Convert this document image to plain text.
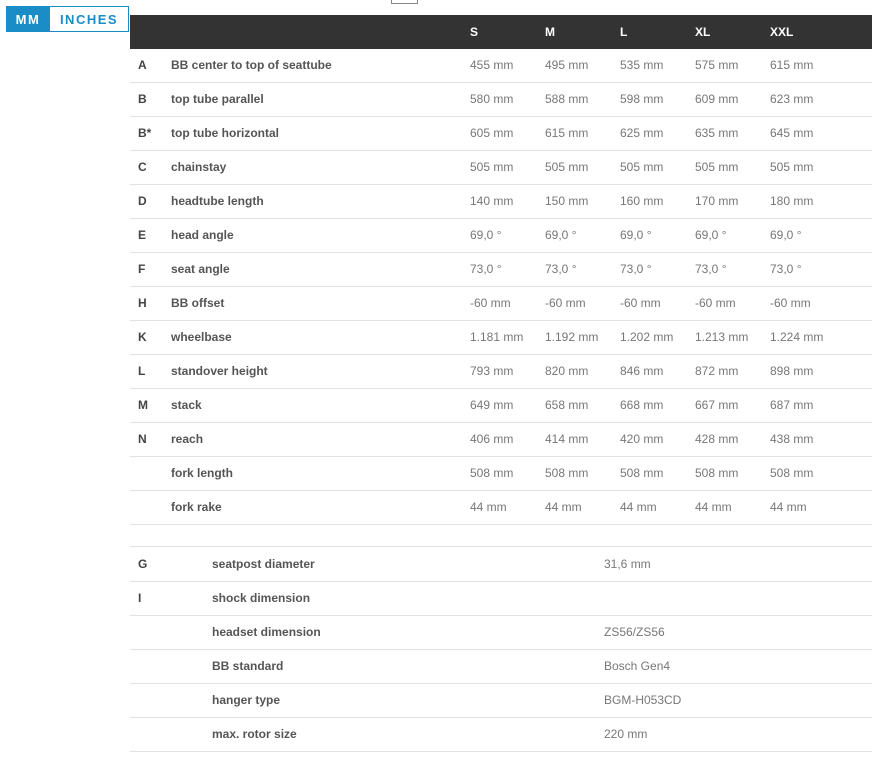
MM	INCHES
S	M	L	XL	XXL
A BB center to top of seattube	455 mm	495 mm	535 mm	575 mm	615 mm
B top tube parallel	580 mm	588 mm	598 mm	609 mm	623 mm
B* top tube horizontal	605 mm	615 mm	625 mm	635 mm	645 mm
C chainstay	505 mm	505 mm	505 mm	505 mm	505 mm
D headtube length	140 mm	150 mm	160 mm	170 mm	180 mm
E head angle	69,0 °	69,0 °	69,0 °	69,0 °	69,0 °
F seat angle	73,0 °	73,0 °	73,0 °	73,0 °	73,0 °
H BB offset	-60 mm	-60 mm	-60 mm	-60 mm	-60 mm
K wheelbase	1.181 mm 1.192 mm 1.202 mm 1.213 mm 1.224 mm
L standover height	793 mm	820 mm	846 mm	872 mm	898 mm
M stack	649 mm	658 mm	668 mm	667 mm	687 mm
N reach	406 mm	414 mm	420 mm	428 mm	438 mm
fork length	508 mm	508 mm	508 mm	508 mm	508 mm
fork rake	44 mm	44 mm	44 mm	44 mm	44 mm
G	seatpost diameter	31,6 mm
I	shock dimension
headset dimension	ZS56/ZS56
BB standard	Bosch Gen4
hanger type	BGM-H053CD
max. rotor size	220 mm
